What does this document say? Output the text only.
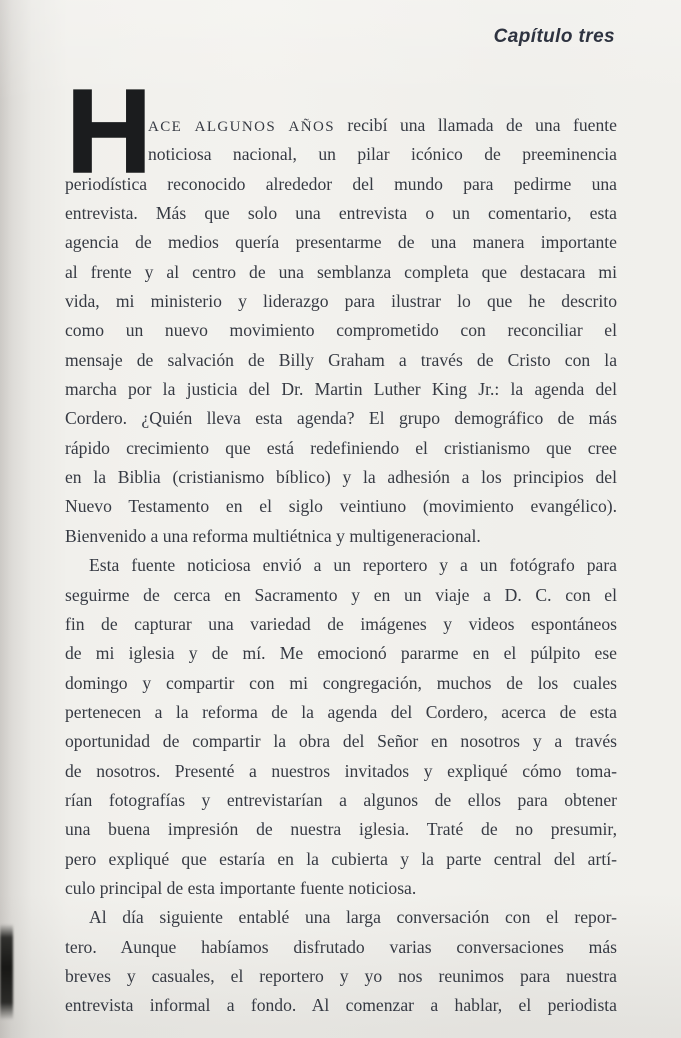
Capítulo tres
H
ACE ALGUNOS AÑOS recibí una llamada de una fuente
noticiosa nacional, un pilar icónico de preeminencia
periodística reconocido alrededor del mundo para pedirme una
entrevista. Más que solo una entrevista o un comentario, esta
agencia de medios quería presentarme de una manera importante
al frente y al centro de una semblanza completa que destacara mi
vida, mi ministerio y liderazgo para ilustrar lo que he descrito
como un nuevo movimiento comprometido con reconciliar el
mensaje de salvación de Billy Graham a través de Cristo con la
marcha por la justicia del Dr. Martin Luther King Jr.: la agenda del
Cordero. ¿Quién lleva esta agenda? El grupo demográfico de más
rápido crecimiento que está redefiniendo el cristianismo que cree
en la Biblia (cristianismo bíblico) y la adhesión a los principios del
Nuevo Testamento en el siglo veintiuno (movimiento evangélico).
Bienvenido a una reforma multiétnica y multigeneracional.
Esta fuente noticiosa envió a un reportero y a un fotógrafo para
seguirme de cerca en Sacramento y en un viaje a D. C. con el
fin de capturar una variedad de imágenes y videos espontáneos
de mi iglesia y de mí. Me emocionó pararme en el púlpito ese
domingo y compartir con mi congregación, muchos de los cuales
pertenecen a la reforma de la agenda del Cordero, acerca de esta
oportunidad de compartir la obra del Señor en nosotros y a través
de nosotros. Presenté a nuestros invitados y expliqué cómo toma-
rían fotografías y entrevistarían a algunos de ellos para obtener
una buena impresión de nuestra iglesia. Traté de no presumir,
pero expliqué que estaría en la cubierta y la parte central del artí-
culo principal de esta importante fuente noticiosa.
Al día siguiente entablé una larga conversación con el repor-
tero. Aunque habíamos disfrutado varias conversaciones más
breves y casuales, el reportero y yo nos reunimos para nuestra
entrevista informal a fondo. Al comenzar a hablar, el periodista
